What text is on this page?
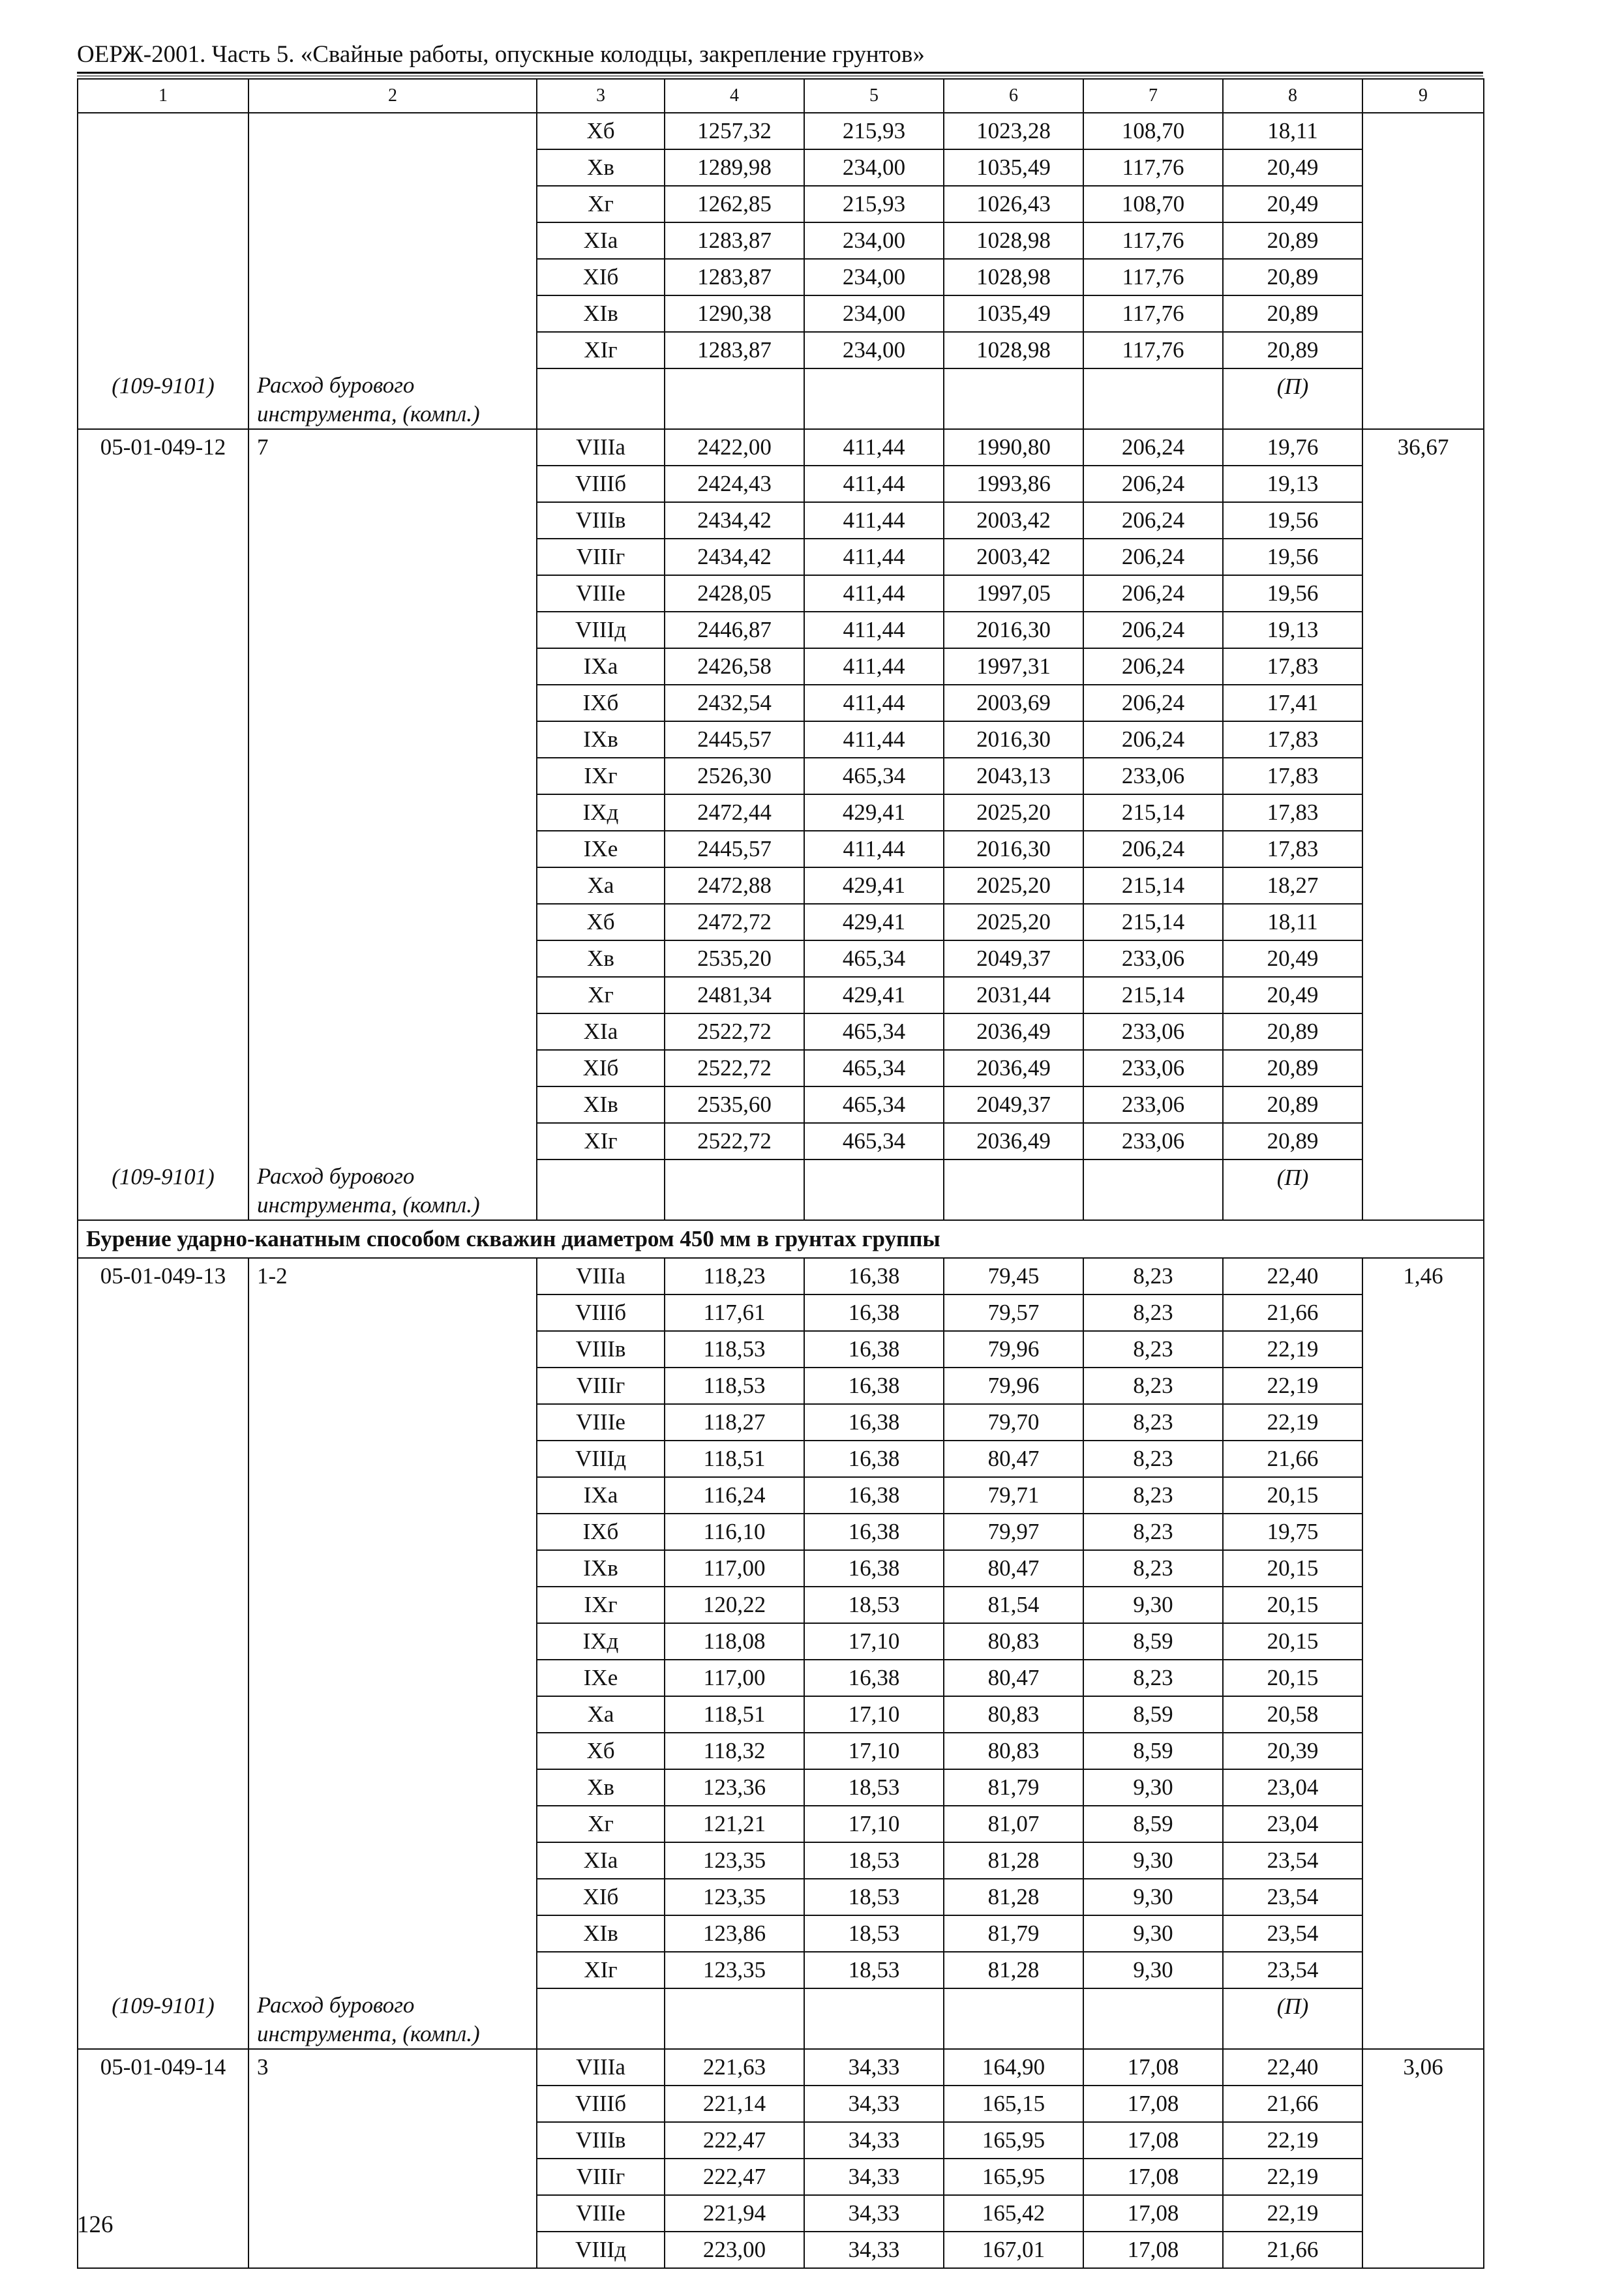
ОЕРЖ-2001. Часть 5. «Свайные работы, опускные колодцы, закрепление грунтов»
1	2	3	4	5	6	7	8	9
		Xб	1257,32	215,93	1023,28	108,70	18,11	
		Xв	1289,98	234,00	1035,49	117,76	20,49	
		Xг	1262,85	215,93	1026,43	108,70	20,49	
		XIа	1283,87	234,00	1028,98	117,76	20,89	
		XIб	1283,87	234,00	1028,98	117,76	20,89	
		XIв	1290,38	234,00	1035,49	117,76	20,89	
		XIг	1283,87	234,00	1028,98	117,76	20,89	
(109-9101)	Расход бурового инструмента, (компл.)						(П)	
05-01-049-12	7	VIIIа	2422,00	411,44	1990,80	206,24	19,76	36,67
		VIIIб	2424,43	411,44	1993,86	206,24	19,13	
		VIIIв	2434,42	411,44	2003,42	206,24	19,56	
		VIIIг	2434,42	411,44	2003,42	206,24	19,56	
		VIIIе	2428,05	411,44	1997,05	206,24	19,56	
		VIIIд	2446,87	411,44	2016,30	206,24	19,13	
		IXа	2426,58	411,44	1997,31	206,24	17,83	
		IXб	2432,54	411,44	2003,69	206,24	17,41	
		IXв	2445,57	411,44	2016,30	206,24	17,83	
		IXг	2526,30	465,34	2043,13	233,06	17,83	
		IXд	2472,44	429,41	2025,20	215,14	17,83	
		IXе	2445,57	411,44	2016,30	206,24	17,83	
		Xа	2472,88	429,41	2025,20	215,14	18,27	
		Xб	2472,72	429,41	2025,20	215,14	18,11	
		Xв	2535,20	465,34	2049,37	233,06	20,49	
		Xг	2481,34	429,41	2031,44	215,14	20,49	
		XIа	2522,72	465,34	2036,49	233,06	20,89	
		XIб	2522,72	465,34	2036,49	233,06	20,89	
		XIв	2535,60	465,34	2049,37	233,06	20,89	
		XIг	2522,72	465,34	2036,49	233,06	20,89	
(109-9101)	Расход бурового инструмента, (компл.)						(П)	
Бурение ударно-канатным способом скважин диаметром 450 мм в грунтах группы								
05-01-049-13	1-2	VIIIа	118,23	16,38	79,45	8,23	22,40	1,46
		VIIIб	117,61	16,38	79,57	8,23	21,66	
		VIIIв	118,53	16,38	79,96	8,23	22,19	
		VIIIг	118,53	16,38	79,96	8,23	22,19	
		VIIIе	118,27	16,38	79,70	8,23	22,19	
		VIIIд	118,51	16,38	80,47	8,23	21,66	
		IXа	116,24	16,38	79,71	8,23	20,15	
		IXб	116,10	16,38	79,97	8,23	19,75	
		IXв	117,00	16,38	80,47	8,23	20,15	
		IXг	120,22	18,53	81,54	9,30	20,15	
		IXд	118,08	17,10	80,83	8,59	20,15	
		IXе	117,00	16,38	80,47	8,23	20,15	
		Xа	118,51	17,10	80,83	8,59	20,58	
		Xб	118,32	17,10	80,83	8,59	20,39	
		Xв	123,36	18,53	81,79	9,30	23,04	
		Xг	121,21	17,10	81,07	8,59	23,04	
		XIа	123,35	18,53	81,28	9,30	23,54	
		XIб	123,35	18,53	81,28	9,30	23,54	
		XIв	123,86	18,53	81,79	9,30	23,54	
		XIг	123,35	18,53	81,28	9,30	23,54	
(109-9101)	Расход бурового инструмента, (компл.)						(П)	
05-01-049-14	3	VIIIа	221,63	34,33	164,90	17,08	22,40	3,06
		VIIIб	221,14	34,33	165,15	17,08	21,66	
		VIIIв	222,47	34,33	165,95	17,08	22,19	
		VIIIг	222,47	34,33	165,95	17,08	22,19	
		VIIIе	221,94	34,33	165,42	17,08	22,19	
		VIIIд	223,00	34,33	167,01	17,08	21,66	
126
